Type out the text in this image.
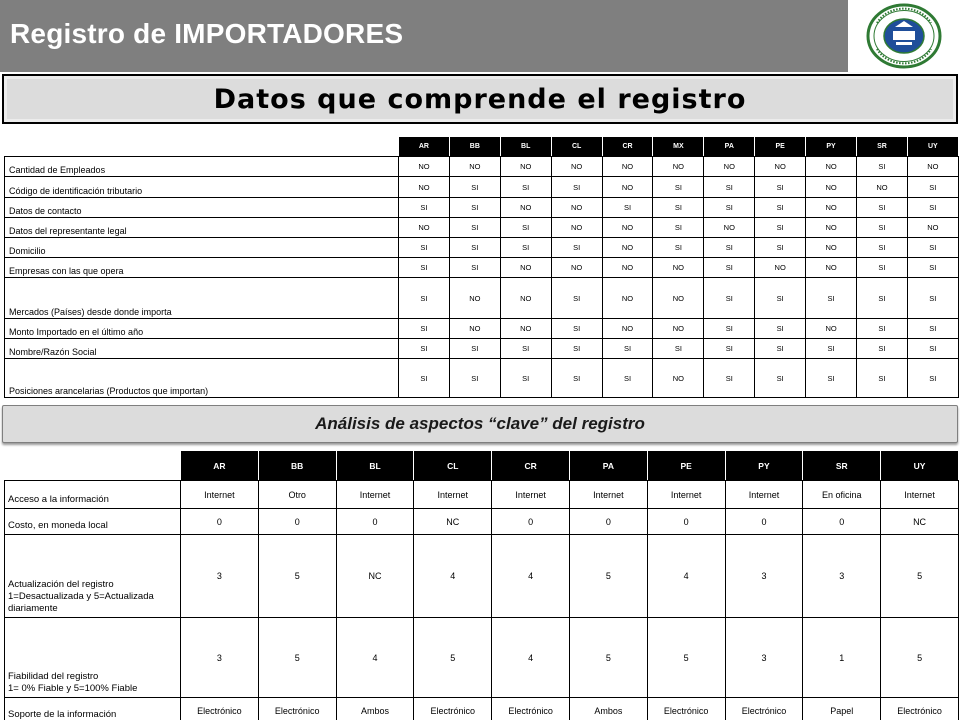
Registro de IMPORTADORES
Datos que comprende el registro
	AR	BB	BL	CL	CR	MX	PA	PE	PY	SR	UY
Cantidad de Empleados	NO	NO	NO	NO	NO	NO	NO	NO	NO	SI	NO
Código de identificación tributario	NO	SI	SI	SI	NO	SI	SI	SI	NO	NO	SI
Datos de contacto	SI	SI	NO	NO	SI	SI	SI	SI	NO	SI	SI
Datos del representante legal	NO	SI	SI	NO	NO	SI	NO	SI	NO	SI	NO
Domicilio	SI	SI	SI	SI	NO	SI	SI	SI	NO	SI	SI
Empresas con las que opera	SI	SI	NO	NO	NO	NO	SI	NO	NO	SI	SI
Mercados (Países) desde donde importa	SI	NO	NO	SI	NO	NO	SI	SI	SI	SI	SI
Monto Importado en el último año	SI	NO	NO	SI	NO	NO	SI	SI	NO	SI	SI
Nombre/Razón Social	SI	SI	SI	SI	SI	SI	SI	SI	SI	SI	SI
Posiciones arancelarias (Productos que importan)	SI	SI	SI	SI	SI	NO	SI	SI	SI	SI	SI
Análisis de aspectos “clave” del registro
	AR	BB	BL	CL	CR	PA	PE	PY	SR	UY
Acceso a la información	Internet	Otro	Internet	Internet	Internet	Internet	Internet	Internet	En oficina	Internet
Costo, en moneda local	0	0	0	NC	0	0	0	0	0	NC
Actualización del registro
1=Desactualizada y 5=Actualizada diariamente	3	5	NC	4	4	5	4	3	3	5
Fiabilidad del registro
1= 0% Fiable y 5=100% Fiable	3	5	4	5	4	5	5	3	1	5
Soporte de la información	Electrónico	Electrónico	Ambos	Electrónico	Electrónico	Ambos	Electrónico	Electrónico	Papel	Electrónico
